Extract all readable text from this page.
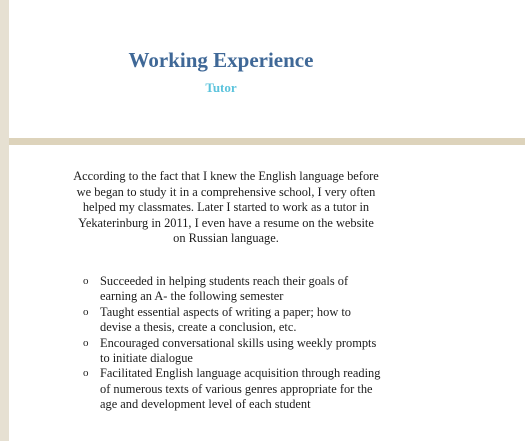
Working Experience
Tutor

According to the fact that I knew the English language before we began to study it in a comprehensive school, I very often helped my classmates. Later I started to work as a tutor in Yekaterinburg in 2011, I even have a resume on the website on Russian language.

o Succeeded in helping students reach their goals of earning an A- the following semester
o Taught essential aspects of writing a paper; how to devise a thesis, create a conclusion, etc.
o Encouraged conversational skills using weekly prompts to initiate dialogue
o Facilitated English language acquisition through reading of numerous texts of various genres appropriate for the age and development level of each student
